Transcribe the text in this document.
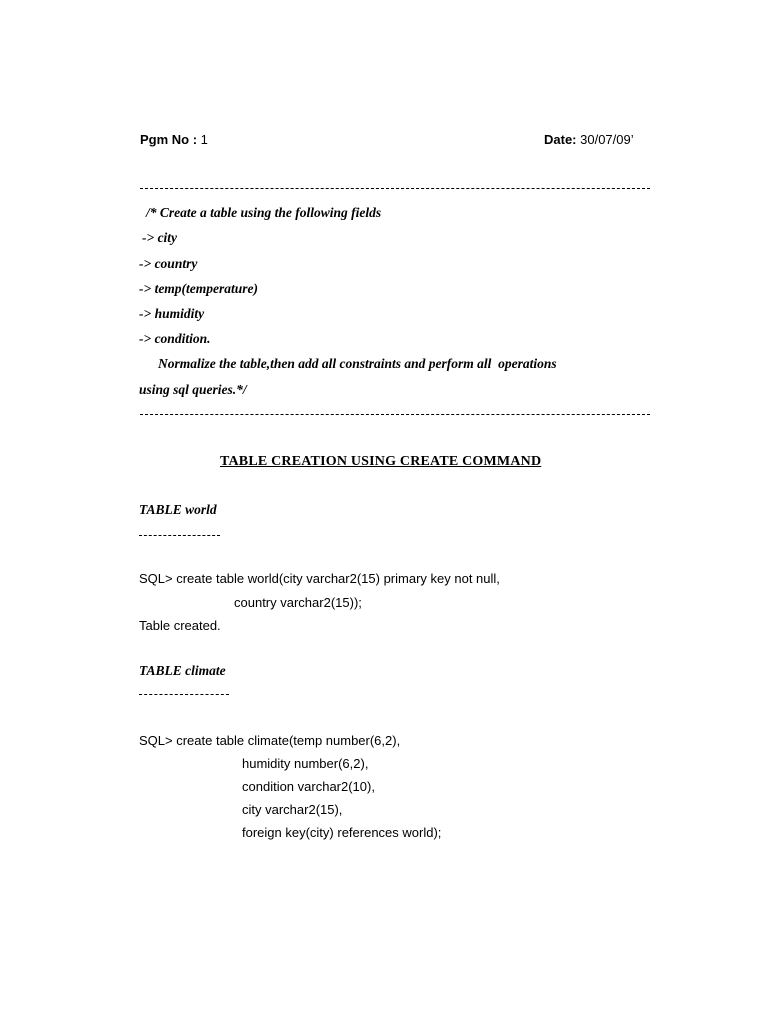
Pgm No : 1	Date: 30/07/09’
/* Create a table using the following fields
-> city
-> country
-> temp(temperature)
-> humidity
-> condition.
Normalize the table,then add all constraints and perform all  operations
using sql queries.*/
TABLE CREATION USING CREATE COMMAND
TABLE world
SQL> create table world(city varchar2(15) primary key not null,
country varchar2(15));
Table created.
TABLE climate
SQL> create table climate(temp number(6,2),
humidity number(6,2),
condition varchar2(10),
city varchar2(15),
foreign key(city) references world);
